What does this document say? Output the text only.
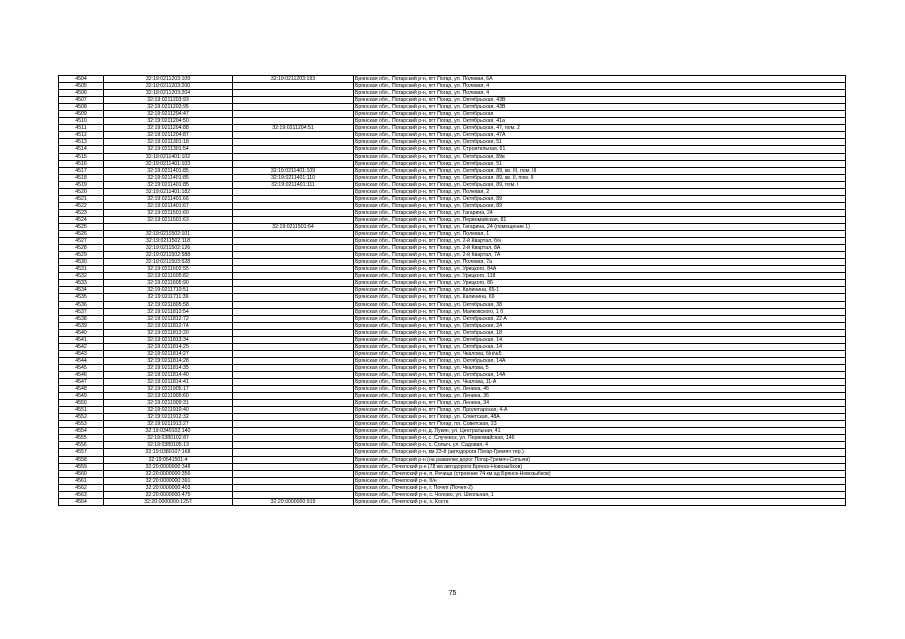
4504	32:19:0211203:109	32:19:0211203:193	Брянская обл., Погарский р-н, пгт Погар, ул. Полевая, 6А
4505	32:19:0211203:200		Брянская обл., Погарский р-н, пгт Погар, ул. Полевая, 4
4506	32:19:0211203:204		Брянская обл., Погарский р-н, пгт Погар, ул. Полевая, 4
4507	32:19:0211203:93		Брянская обл., Погарский р-н, пгт Погар, ул. Октябрьская, 43В
4508	32:19:0211203:95		Брянская обл., Погарский р-н, пгт Погар, ул. Октябрьская, 43В
4509	32:19:0211204:47		Брянская обл., Погарский р-н, пгт Погар, ул. Октябрьская
4510	32:19:0211204:50		Брянская обл., Погарский р-н, пгт Погар, ул. Октябрьская, 41а
4511	32:19:0211204:88	32:19:0211204:51	Брянская обл., Погарский р-н, пгт Погар, ул. Октябрьская, 47, пом. 2
4512	32:19:0211204:87		Брянская обл., Погарский р-н, пгт Погар, ул. Октябрьская, 47А
4513	32:19:0211301:18		Брянская обл., Погарский р-н, пгт Погар, ул. Октябрьская, 51
4514	32:19:0211301:54		Брянская обл., Погарский р-н, пгт Погар, ул. Строительная, 61
4515	32:19:0211401:102		Брянская обл., Погарский р-н, пгт Погар, ул. Октябрьская, 89в
4516	32:19:0211401:103		Брянская обл., Погарский р-н, пгт Погар, ул. Октябрьская, 51
4517	32:19:0211401:85	32:19:0211401:109	Брянская обл., Погарский р-н, пгт Погар, ул. Октябрьская, 89, кв. III, пом. III
4518	32:19:0211401:85	32:19:0211401:110	Брянская обл., Погарский р-н, пгт Погар, ул. Октябрьская, 89, кв. II, пом. II
4519	32:19:0211401:85	32:19:0211401:111	Брянская обл., Погарский р-н, пгт Погар, ул. Октябрьская, 89, пом. I
4520	32:19:0211401:182		Брянская обл., Погарский р-н, пгт Погар, ул. Полевая, 2
4521	32:19:0211401:66		Брянская обл., Погарский р-н, пгт Погар, ул. Октябрьская, 89
4522	32:19:0211401:67		Брянская обл., Погарский р-н, пгт Погар, ул. Октябрьская, 89
4523	32:19:0211501:60		Брянская обл., Погарский р-н, пгт Погар, ул. Гагарина, 24
4524	32:19:0211501:63		Брянская обл., Погарский р-н, пгт Погар, ул. Первомайская, 81
4525		32:19:0211501:64	Брянская обл., Погарский р-н, пгт Погар, ул. Гагарина, 24 (помещение 1)
4526	32:19:0211502:101		Брянская обл., Погарский р-н, пгт Погар, ул. Полевая, 1
4527	32:19:0211502:118		Брянская обл., Погарский р-н, пгт Погар, ул. 2-й Квартал, б/н
4528	32:19:0211502:126		Брянская обл., Погарский р-н, пгт Погар, ул. 2-й Квартал, 8А
4529	32:19:0211502:588		Брянская обл., Погарский р-н, пгт Погар, ул. 2-й Квартал, 7А
4530	32:19:0211503:528		Брянская обл., Погарский р-н, пгт Погар, ул. Полевая, 7а
4531	32:19:0211602:55		Брянская обл., Погарский р-н, пгт Погар, ул. Урицкого, 84А
4532	32:19:0211605:82		Брянская обл., Погарский р-н, пгт Погар, ул. Урицкого, 118
4533	32:19:0211605:90		Брянская обл., Погарский р-н, пгт Погар, ул. Урицкого, 86
4534	32:19:0211710:51		Брянская обл., Погарский р-н, пгт Погар, ул. Калинина, 65-1
4535	32:19:0211711:39		Брянская обл., Погарский р-н, пгт Погар, ул. Калинина, 69
4536	32:19:0211805:58		Брянская обл., Погарский р-н, пгт Погар, ул. Октябрьская, 38
4537	32:19:0211812:54		Брянская обл., Погарский р-н, пгт Погар, ул. Маяковского, 1 б
4538	32:19:0211812:72		Брянская обл., Погарский р-н, пгт Погар, ул. Октябрьская, 22 А
4539	32:19:0211812:74		Брянская обл., Погарский р-н, пгт Погар, ул. Октябрьская, 24
4540	32:19:0211813:20		Брянская обл., Погарский р-н, пгт Погар, ул. Октябрьская, 18
4541	32:19:0211813:34		Брянская обл., Погарский р-н, пгт Погар, ул. Октябрьская, 14
4542	32:19:0211814:25		Брянская обл., Погарский р-н, пгт Погар, ул. Октябрьская, 14
4543	32:19:0211814:27		Брянская обл., Погарский р-н, пгт Погар, ул. Чкалова, б/н№5
4544	32:19:0211814:28		Брянская обл., Погарский р-н, пгт Погар, ул. Октябрьская, 14А
4545	32:19:0211814:35		Брянская обл., Погарский р-н, пгт Погар, ул. Чкалова, 5
4546	32:19:0211814:40		Брянская обл., Погарский р-н, пгт Погар, ул. Октябрьская, 14А
4547	32:19:0211814:41		Брянская обл., Погарский р-н, пгт Погар, ул. Чкалова, 11-А
4548	32:19:0211905:17		Брянская обл., Погарский р-н, пгт Погар, ул. Ленина, 46
4549	32:19:0211905:60		Брянская обл., Погарский р-н, пгт Погар, ул. Ленина, 36
4550	32:19:0211909:31		Брянская обл., Погарский р-н, пгт Погар, ул. Ленина, 34
4551	32:19:0211910:40		Брянская обл., Погарский р-н, пгт Погар, ул. Пролетарская, 4-А
4552	32:19:0211912:32		Брянская обл., Погарский р-н, пгт Погар, ул. Советская, 48А
4553	32:19:0211913:27		Брянская обл., Погарский р-н, пгт Погар, пл. Советская, 23
4554	32:19:0340102:140		Брянская обл., Погарский р-н, д. Лукин, ул. Центральная, 41
4555	32:19:0380102:87		Брянская обл., Погарский р-н, с. Случевск, ул. Первомайская, 146
4556	32:19:0380105:13		Брянская обл., Погарский р-н, с. Сопыч, ул. Садовая, 4
4557	32:19:0380107:168		Брянская обл., Погарский р-н, км 23-й (автодорога Погар-Гремяч тер.)
4558	32:19:0541501:4		Брянская обл., Погарский р-н (на развилке дорог Погар-Гремяч-Сопычи)
4559	32:20:0000000:348		Брянская обл., Почепский р-н (78 км автодороги Брянск-Новозыбков)
4560	32:20:0000000:356		Брянская обл., Почепский р-н, п. Речица (строение 74 км ад Брянск-Новозыбков)
4561	32:20:0000000:391		Брянская обл., Почепский р-н, б/н
4562	32:20:0000000:403		Брянская обл., Почепский р-н, г. Почеп (Почеп-2)
4563	32:20:0000000:475		Брянская обл., Почепский р-н, с. Чолово, ул. Школьная, 1
4564	32:20:0000000:1257	32:20:0000000:919	Брянская обл., Почепский р-н, х. Коста
75
